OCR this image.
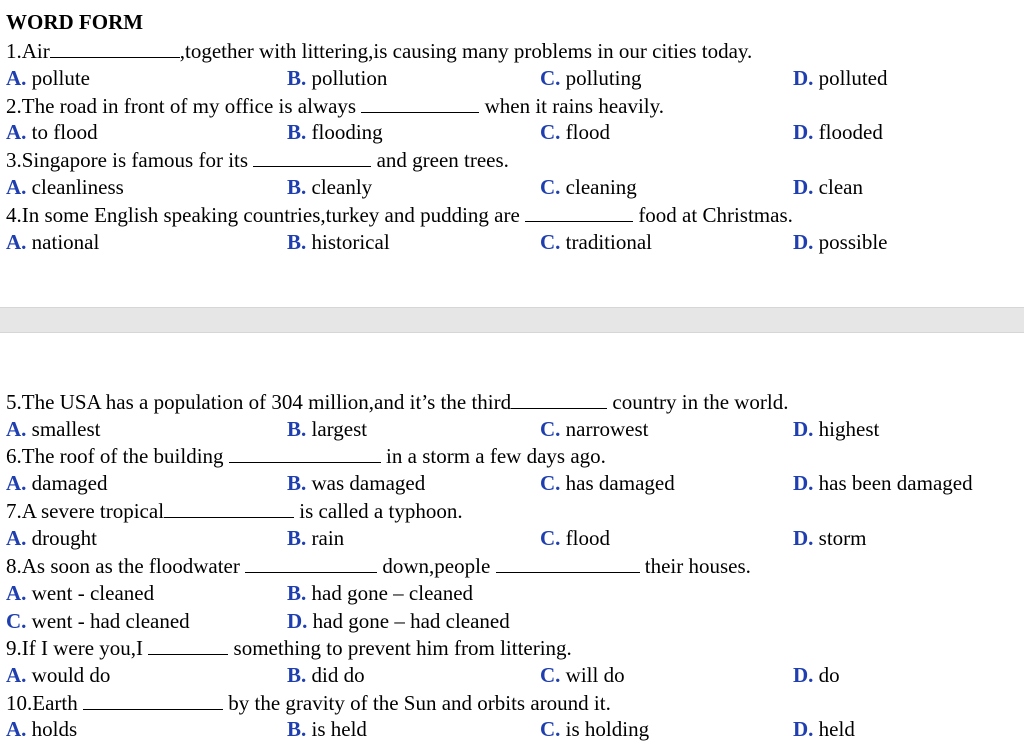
WORD FORM
1.Air	,together with littering,is causing many problems in our cities today.
A. pollute	B. pollution	C. polluting	D. polluted
2.The road in front of my office is always	when it rains heavily.
A. to flood	B. flooding	C. flood	D. flooded
3.Singapore is famous for its	and green trees.
A. cleanliness	B. cleanly	C. cleaning	D. clean
4.In some English speaking countries,turkey and pudding are	food at Christmas.
A. national	B. historical	C. traditional	D. possible
5.The USA has a population of 304 million,and it’s the third	country in the world.
A. smallest	B. largest	C. narrowest	D. highest
6.The roof of the building	in a storm a few days ago.
A. damaged	B. was damaged	C. has damaged	D. has been damaged
7.A severe tropical	is called a typhoon.
A. drought	B. rain	C. flood	D. storm
8.As soon as the floodwater	down,people	their houses.
A. went - cleaned	B. had gone – cleaned
C. went - had cleaned	D. had gone – had cleaned
9.If I were you,I	something to prevent him from littering.
A. would do	B. did do	C. will do	D. do
10.Earth	by the gravity of the Sun and orbits around it.
A. holds	B. is held	C. is holding	D. held
